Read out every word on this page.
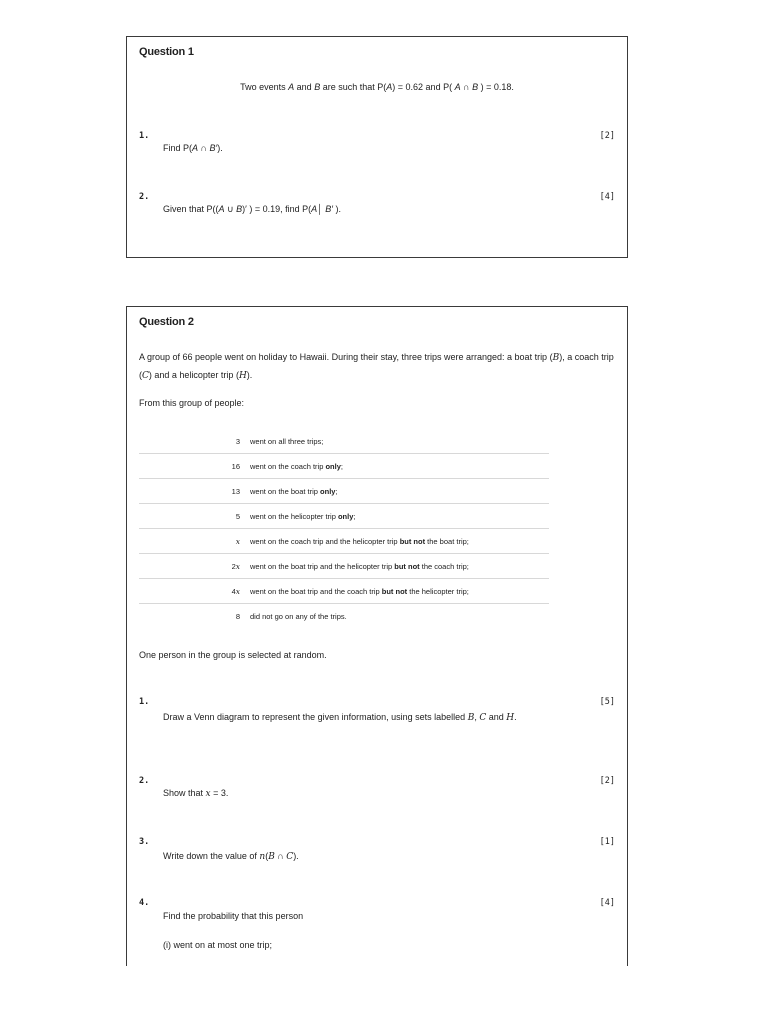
Question 1
Two events A and B are such that P(A) = 0.62 and P( A ∩ B ) = 0.18.
1.	[2]
Find P(A ∩ B′).
2.	[4]
Given that P((A ∪ B)′ ) = 0.19, find P(A│ B′ ).
Question 2
A group of 66 people went on holiday to Hawaii. During their stay, three trips were arranged: a boat trip (B), a coach trip (C) and a helicopter trip (H).
From this group of people:
3	went on all three trips;
16	went on the coach trip only;
13	went on the boat trip only;
5	went on the helicopter trip only;
x	went on the coach trip and the helicopter trip but not the boat trip;
2x	went on the boat trip and the helicopter trip but not the coach trip;
4x	went on the boat trip and the coach trip but not the helicopter trip;
8	did not go on any of the trips.
One person in the group is selected at random.
1.	[5]
Draw a Venn diagram to represent the given information, using sets labelled B, C and H.
2.	[2]
Show that x = 3.
3.	[1]
Write down the value of n(B ∩ C).
4.	[4]
Find the probability that this person
(i) went on at most one trip;
